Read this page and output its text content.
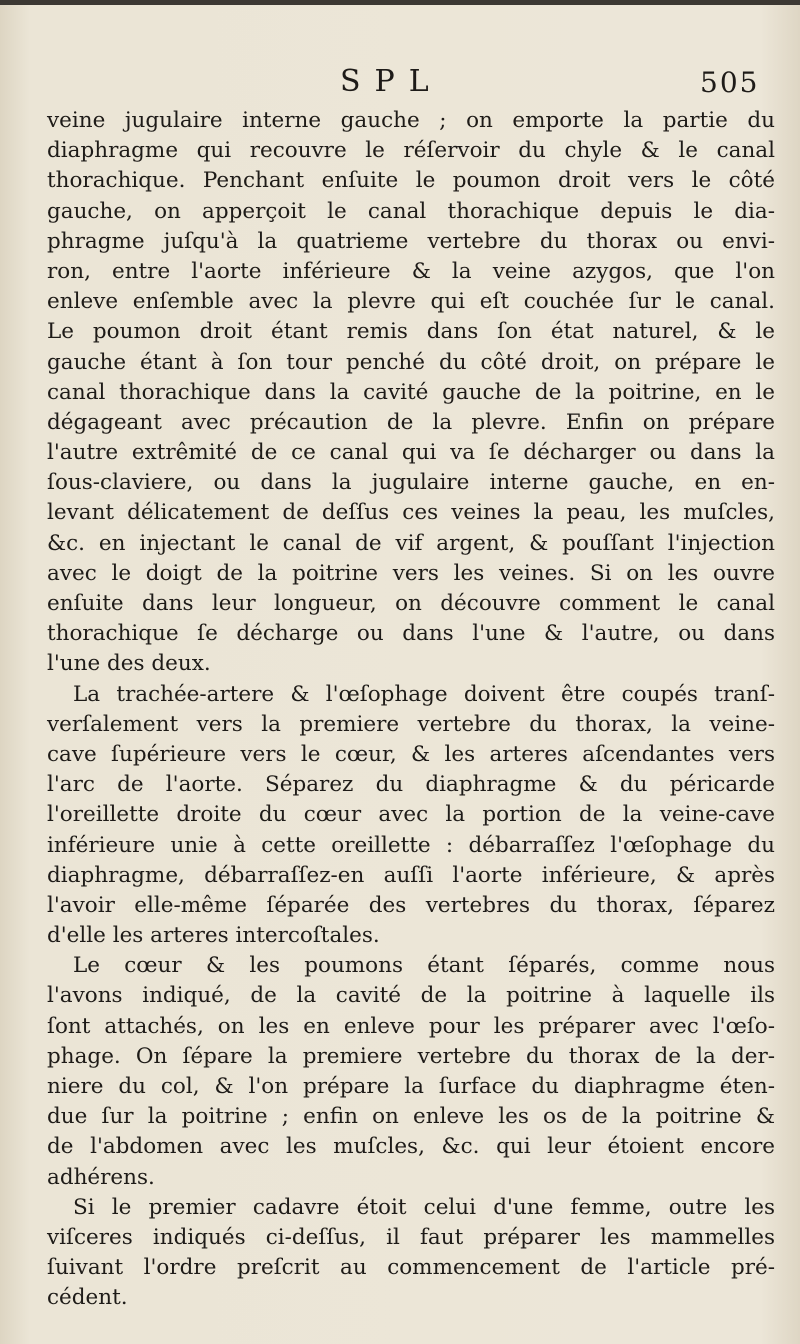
SPL	505
veine jugulaire interne gauche ; on emporte la partie du
diaphragme qui recouvre le réſervoir du chyle & le canal
thorachique. Penchant enſuite le poumon droit vers le côté
gauche, on apperçoit le canal thorachique depuis le dia-
phragme juſqu'à la quatrieme vertebre du thorax ou envi-
ron, entre l'aorte inférieure & la veine azygos, que l'on
enleve enſemble avec la plevre qui eſt couchée ſur le canal.
Le poumon droit étant remis dans ſon état naturel, & le
gauche étant à ſon tour penché du côté droit, on prépare le
canal thorachique dans la cavité gauche de la poitrine, en le
dégageant avec précaution de la plevre. Enfin on prépare
l'autre extrêmité de ce canal qui va ſe décharger ou dans la
ſous-claviere, ou dans la jugulaire interne gauche, en en-
levant délicatement de deſſus ces veines la peau, les muſcles,
&c. en injectant le canal de vif argent, & pouſſant l'injection
avec le doigt de la poitrine vers les veines. Si on les ouvre
enſuite dans leur longueur, on découvre comment le canal
thorachique ſe décharge ou dans l'une & l'autre, ou dans
l'une des deux.
La trachée-artere & l'œſophage doivent être coupés tranſ-
verſalement vers la premiere vertebre du thorax, la veine-
cave ſupérieure vers le cœur, & les arteres aſcendantes vers
l'arc de l'aorte. Séparez du diaphragme & du péricarde
l'oreillette droite du cœur avec la portion de la veine-cave
inférieure unie à cette oreillette : débarraſſez l'œſophage du
diaphragme, débarraſſez-en auſſi l'aorte inférieure, & après
l'avoir elle-même ſéparée des vertebres du thorax, ſéparez
d'elle les arteres intercoſtales.
Le cœur & les poumons étant ſéparés, comme nous
l'avons indiqué, de la cavité de la poitrine à laquelle ils
ſont attachés, on les en enleve pour les préparer avec l'œſo-
phage. On ſépare la premiere vertebre du thorax de la der-
niere du col, & l'on prépare la ſurface du diaphragme éten-
due ſur la poitrine ; enfin on enleve les os de la poitrine &
de l'abdomen avec les muſcles, &c. qui leur étoient encore
adhérens.
Si le premier cadavre étoit celui d'une femme, outre les
viſceres indiqués ci-deſſus, il faut préparer les mammelles
ſuivant l'ordre preſcrit au commencement de l'article pré-
cédent.
